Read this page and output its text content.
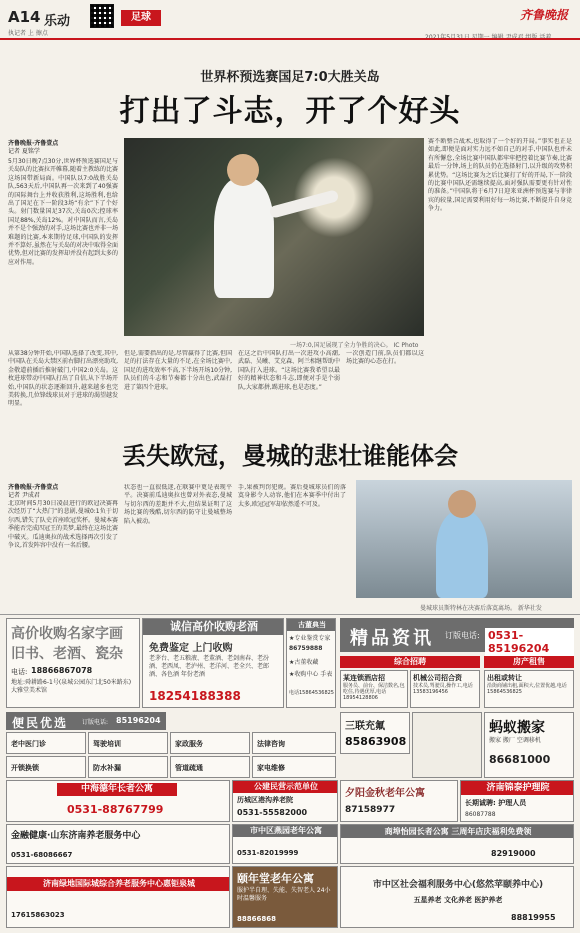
A14 乐动
执记者 上 擦点
足球	齐鲁晚报
世界杯预选赛国足7:0大胜关岛
打出了斗志，开了个好头
齐鲁晚报·齐鲁壹点
记者 夏铭学
5月30日晚7点30分,世界杯预选赛国足与关岛队的比赛拉开帷幕,随着主教练的比赛这场国带新局面。中国队以7:0战胜关岛队,563天后,中国队再一次来到了40强赛的国际舞台上并收获胜利,这场胜利,也给出了国足在下一阶段3场“有余”下了个好头。射门数量国足37次,关岛0次;控球率国足88%,关岛12%。对中国队而言,关岛并不是个强劲的对手,这场比赛也并非一场难题的比赛,本来期待足球,中国队的发挥并不算好,虽然在与关岛的对决中取得全面优势,但对比赛的发挥却并没有起到太多的应对作用。
一场7:0,国足展现了全力争胜的决心。 IC Photo
赛不断整合战术,也取得了一个好的开局。”事实也正是如此,即便是面对实力远不如自己的对手,中国队也并未有所懈怠,全场比赛中国队都牢牢把控着比赛节奏,比赛最后一分钟,场上的队员仍在选择射门,以升级的攻势积累优势。“这场比赛为之后比赛打了好的开局,下一阶段的比赛中国队还需继续提高,面对强队需要更有针对性的准备。”中国队将于6月7日迎来亚洲杯预选赛与菲律宾的较量,国足需要利用好每一场比赛,不断提升自身竞争力。
从第38分钟开始,中国队选择了改变,其中,中国队在关岛大禁区前右脚打出漂亮助攻,金敬道前插后推射破门,中国2:0关岛。这枚进球带动中国队打出了自信,从下半场开始,中国队的状态逐渐回升,越来越多也完美转换,几位锋线球员对于进球的渴望越发明显。
但是,需要指出的是,尽管赢得了比赛,但国足的打法存在大量的不足,在全场比赛中,国足的进攻效率不高,下半场开场10分钟,队员们的斗志和节奏都十分出色,武磊打进了第四个进球。
在这之后中国队打出一次进攻小高潮,武磊、吴曦、艾克森、阿兰相继帮助中国队打入进球。“这场比赛我希望以最好的精神状态和斗志,即便对手是个弱队,大家都拼,踢进球,也是态度。”
一次创造门前,队员们都以这场比赛的心态在打。
丢失欧冠，曼城的悲壮谁能体会
齐鲁晚报·齐鲁壹点
记者 尹成君
北京时间5月30日凌晨进行的欧冠决赛再次经历了“大热门”的悲剧,曼城0:1负于切尔西,错失了队史首座欧冠奖杯。曼城本赛季能否完成四冠王的美梦,最终在这场比赛中破灭。瓜迪奥拉的战术选择再次引发了争议,首发阵容中没有一名后腰。
状态也一直很低迷,在联赛中更是表现平平。决赛前瓜迪奥拉也曾对外表态,曼城与切尔西的差距并不大,但结果证明了这场比赛的残酷,切尔西的防守让曼城整场陷入被动。
手,果被判罚犯规。赛后曼城球员们的落寞身影令人动容,他们在本赛季中付出了太多,欧冠冠军却依然遥不可及。
曼城球员斯特林在决赛后落寞离场。 新华社发
高价收购名家字画
旧书、老酒、瓷杂
电话: 18866867078
地址:舜耕路6-1号(泉城公园东门北50米路东)大雅堂美术馆
诚信高价收购老酒
免费鉴定 上门收购
老茅台、老五粮液、老董酒、老剑南春、老汾酒、老西凤、老泸州、老洋河、老全兴、老郎酒、各色酒 年份老酒
18254188388
古董典当
★专业鉴赏专家
86759888
★古董收藏
★收购中心 手表
电话15864536825
精品资讯 订版电话: 0531-85196204
综合招聘	房产租售
某连锁酒店招
服务员、前台、保洁数名,包吃住,待遇优厚,电话18954128806
机械公司招合资
技术员,驾驶员,操作工,电话13583196456
出租或转让
沿街商铺出租,面积大,位置优越,电话15864536825
便民优选 订版电话: 85196204
老中医门诊	驾驶培训	家政服务	法律咨询
开锁换锁	防水补漏	管道疏通	家电维修
三联充氟
85863908
蚂蚁搬家
搬家 搬厂 空调移机
86681000
中海德年长者公寓
0531-88767799
公建民营示范单位
历城区港沟养老院
0531-55582000
夕阳金秋老年公寓
87158977
济南锦泰护理院
长期诚聘: 护理人员
86087788
金融健康·山东济南养老服务中心
0531-68086667
市中区燕园老年公寓
0531-82019999
商埠怡园长者公寓 三周年店庆福利免费领
82919000
济南绿地国际城综合养老服务中心惠钜泉城
17615863023
颐年堂老年公寓
服护半自理、失能、失智老人 24小时温馨服务
88866868
市中区社会福利服务中心(悠然苹颐养中心)
五星养老 文化养老 医护养老
88819955
